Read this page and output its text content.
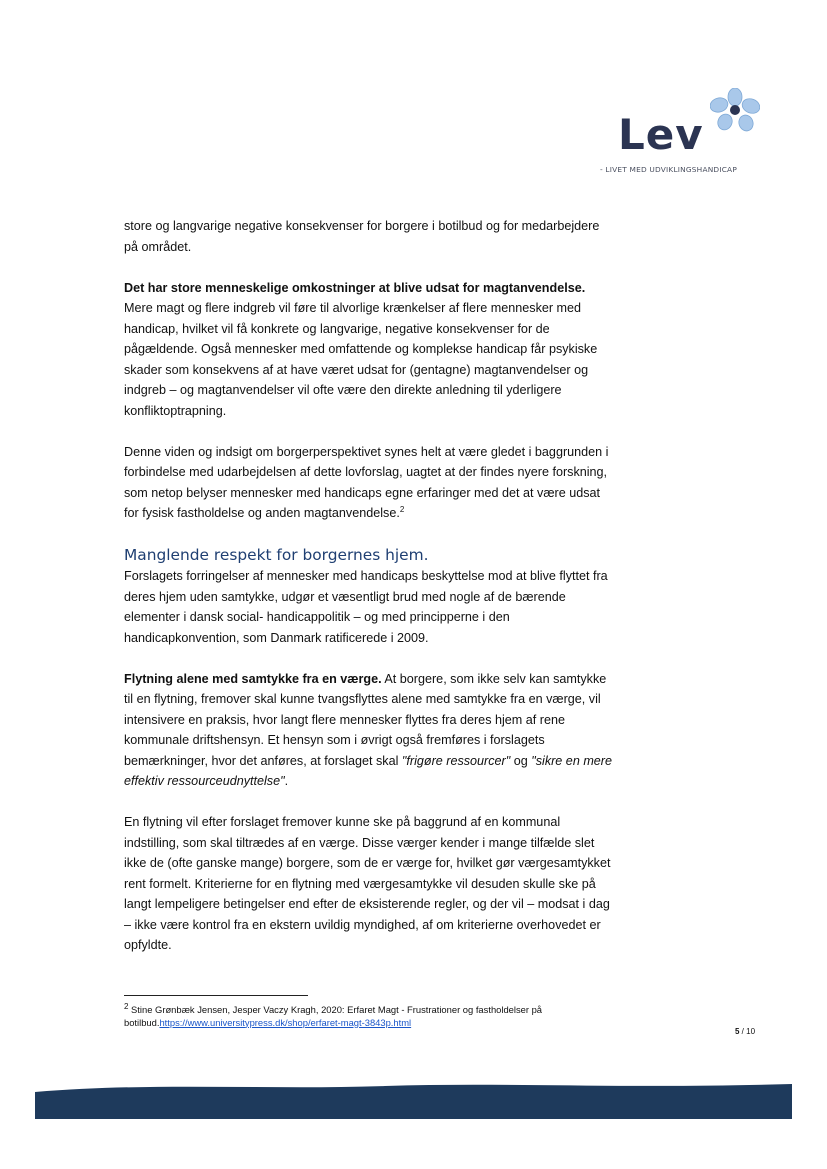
Lev
- LIVET MED UDVIKLINGSHANDICAP

store og langvarige negative konsekvenser for borgere i botilbud og for medarbejdere på området.

Det har store menneskelige omkostninger at blive udsat for magtanvendelse.
Mere magt og flere indgreb vil føre til alvorlige krænkelser af flere mennesker med handicap, hvilket vil få konkrete og langvarige, negative konsekvenser for de pågældende. Også mennesker med omfattende og komplekse handicap får psykiske skader som konsekvens af at have været udsat for (gentagne) magtanvendelser og indgreb – og magtanvendelser vil ofte være den direkte anledning til yderligere konfliktoptrapning.

Denne viden og indsigt om borgerperspektivet synes helt at være gledet i baggrunden i forbindelse med udarbejdelsen af dette lovforslag, uagtet at der findes nyere forskning, som netop belyser mennesker med handicaps egne erfaringer med det at være udsat for fysisk fastholdelse og anden magtanvendelse.$^2$

Manglende respekt for borgernes hjem.

Forslagets forringelser af mennesker med handicaps beskyttelse mod at blive flyttet fra deres hjem uden samtykke, udgør et væsentligt brud med nogle af de bærende elementer i dansk social- handicappolitik – og med principperne i den handicapkonvention, som Danmark ratificerede i 2009.

Flytning alene med samtykke fra en værge. At borgere, som ikke selv kan samtykke til en flytning, fremover skal kunne tvangsflyttes alene med samtykke fra en værge, vil intensivere en praksis, hvor langt flere mennesker flyttes fra deres hjem af rene kommunale driftshensyn. Et hensyn som i øvrigt også fremføres i forslagets bemærkninger, hvor det anføres, at forslaget skal "frigøre ressourcer" og "sikre en mere effektiv ressourceudnyttelse".

En flytning vil efter forslaget fremover kunne ske på baggrund af en kommunal indstilling, som skal tiltrædes af en værge. Disse værger kender i mange tilfælde slet ikke de (ofte ganske mange) borgere, som de er værge for, hvilket gør værgesamtykket rent formelt. Kriterierne for en flytning med værgesamtykke vil desuden skulle ske på langt lempeligere betingelser end efter de eksisterende regler, og der vil – modsat i dag – ikke være kontrol fra en ekstern uvildig myndighed, af om kriterierne overhovedet er opfyldte.

$^2$ Stine Grønbæk Jensen, Jesper Vaczy Kragh, 2020: Erfaret Magt - Frustrationer og fastholdelser på botilbud.https://www.universitypress.dk/shop/erfaret-magt-3843p.html
5 / 10
